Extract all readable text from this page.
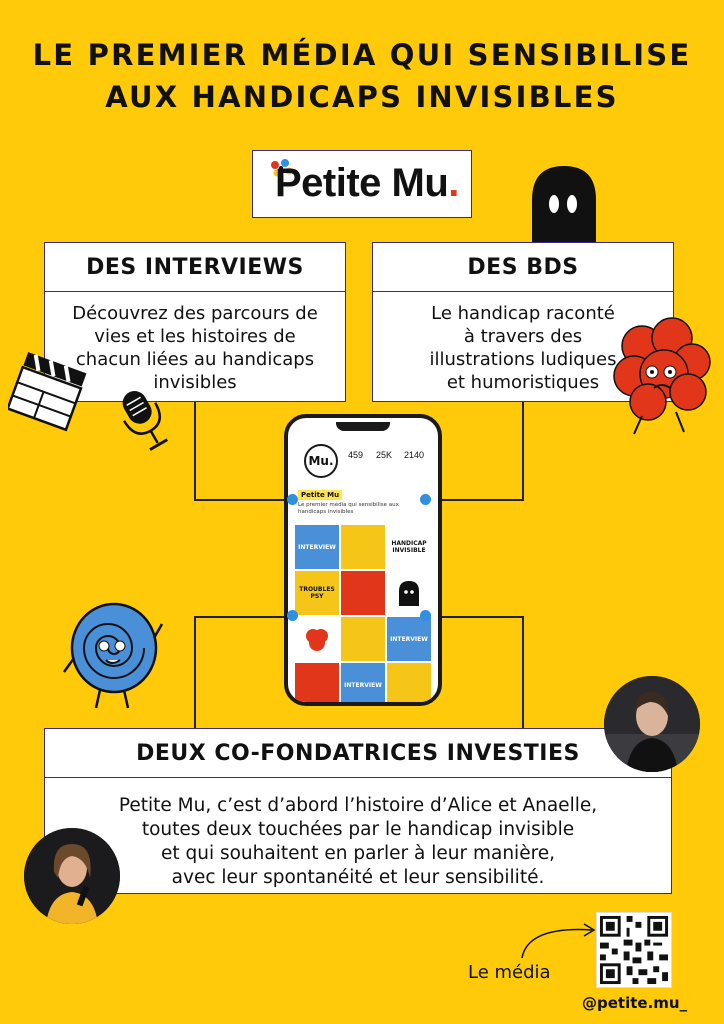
LE PREMIER MÉDIA QUI SENSIBILISE
AUX HANDICAPS INVISIBLES
Petite Mu.
DES INTERVIEWS
Découvrez des parcours de
vies et les histoires de
chacun liées au handicaps
invisibles
DES BDS
Le handicap raconté
à travers des
illustrations ludiques
et humoristiques
Mu.	459 25K 2140
Petite Mu
Le premier média qui sensibilise aux handicaps invisibles
INTERVIEW	HANDICAP INVISIBLE
TROUBLES PSY
INTERVIEW
INTERVIEW
DEUX CO-FONDATRICES INVESTIES
Petite Mu, c’est d’abord l’histoire d’Alice et Anaelle,
toutes deux touchées par le handicap invisible
et qui souhaitent en parler à leur manière,
avec leur spontanéité et leur sensibilité.
Le média
@petite.mu_
